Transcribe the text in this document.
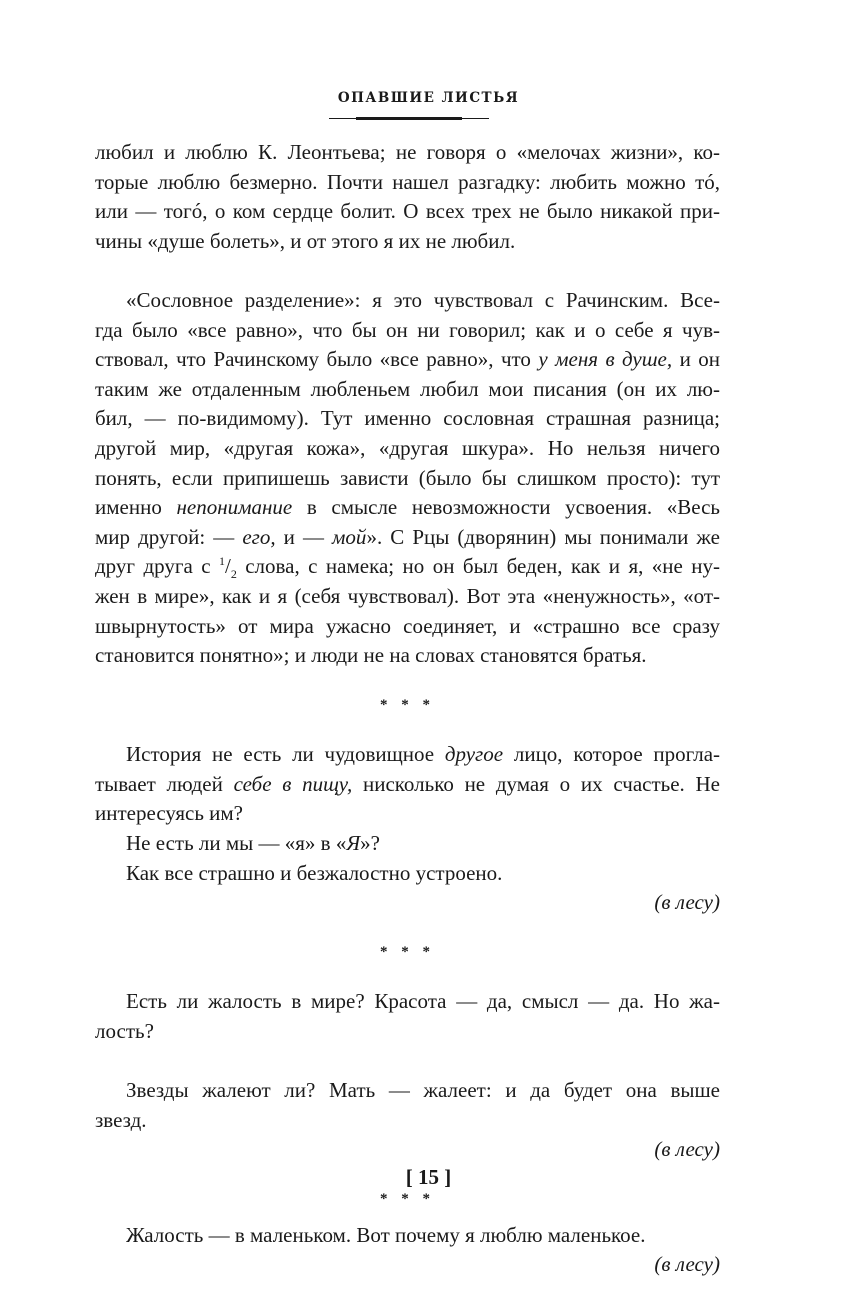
ОПАВШИЕ ЛИСТЬЯ

любил и люблю К. Леонтьева; не говоря о «мелочах жизни», ко-

торые люблю безмерно. Почти нашел разгадку: любить можно тó,

или — тогó, о ком сердце болит. О всех трех не было никакой при-

чины «душе болеть», и от этого я их не любил.

«Сословное разделение»: я это чувствовал с Рачинским. Все-

гда было «все равно», что бы он ни говорил; как и о себе я чув-

ствовал, что Рачинскому было «все равно», что у меня в душе, и он

таким же отдаленным любленьем любил мои писания (он их лю-

бил, — по-видимому). Тут именно сословная страшная разница;

другой мир, «другая кожа», «другая шкура». Но нельзя ничего

понять, если припишешь зависти (было бы слишком просто): тут

именно непонимание в смысле невозможности усвоения. «Весь

мир другой: — его, и — мой». С Рцы (дворянин) мы понимали же

друг друга с $^1/_2$ слова, с намека; но он был беден, как и я, «не ну-

жен в мире», как и я (себя чувствовал). Вот эта «ненужность», «от-

швырнутость» от мира ужасно соединяет, и «страшно все сразу

становится понятно»; и люди не на словах становятся братья.

* * *

История не есть ли чудовищное другое лицо, которое прогла-

тывает людей себе в пищу, нисколько не думая о их счастье. Не

интересуясь им?

Не есть ли мы — «я» в «Я»?

Как все страшно и безжалостно устроено.

(в лесу)

* * *

Есть ли жалость в мире? Красота — да, смысл — да. Но жа-

лость?

Звезды жалеют ли? Мать — жалеет: и да будет она выше

звезд.

(в лесу)

* * *

Жалость — в маленьком. Вот почему я люблю маленькое.

(в лесу)

[ 15 ]
